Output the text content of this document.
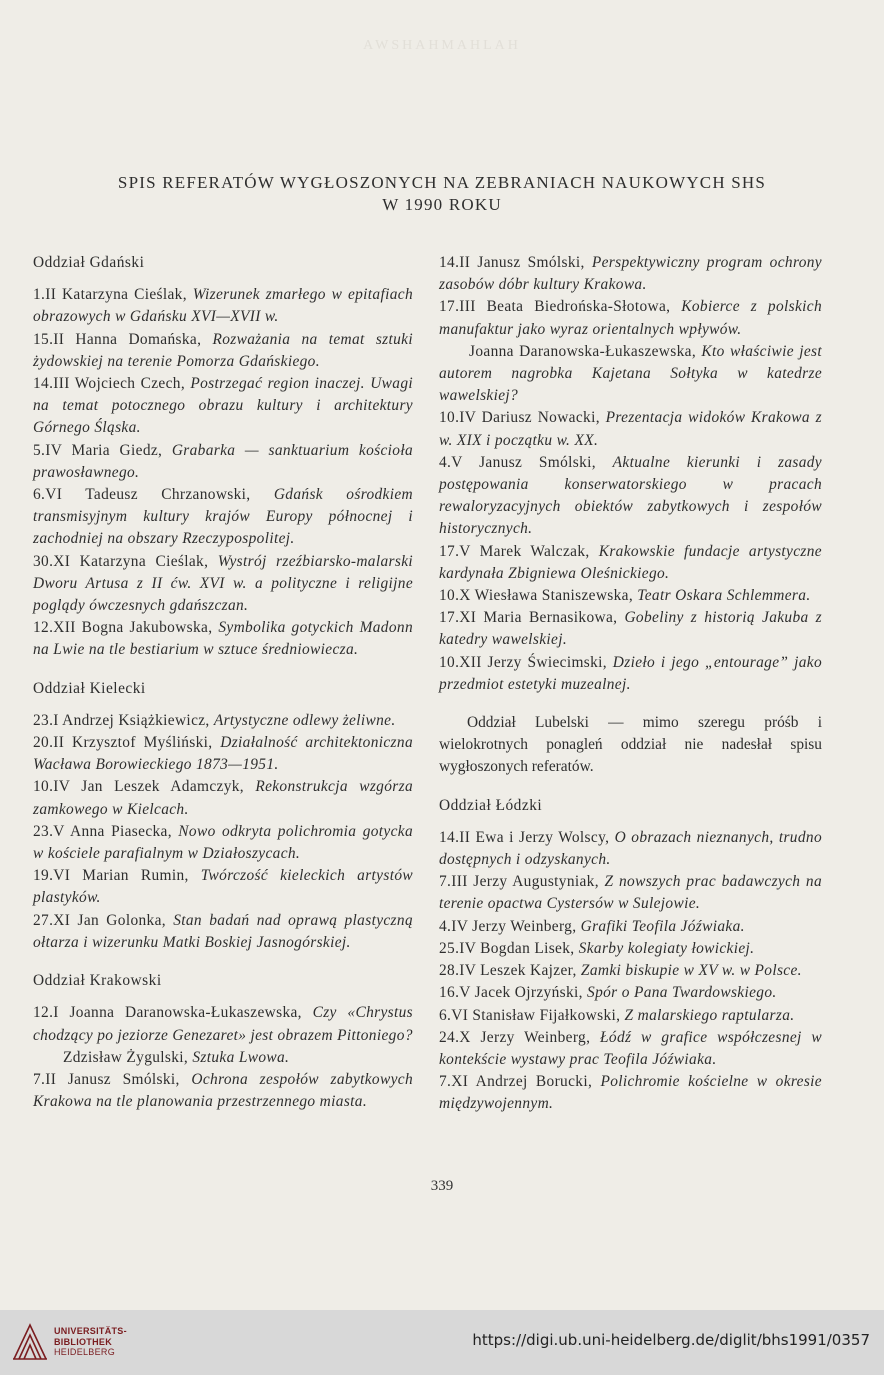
AWSHAHMAHLAH
SPIS REFERATÓW WYGŁOSZONYCH NA ZEBRANIACH NAUKOWYCH SHS
W 1990 ROKU
Oddział Gdański
1.II Katarzyna Cieślak, Wizerunek zmarłego w epitafiach obrazowych w Gdańsku XVI—XVII w.
15.II Hanna Domańska, Rozważania na temat sztuki żydowskiej na terenie Pomorza Gdańskiego.
14.III Wojciech Czech, Postrzegać region inaczej. Uwagi na temat potocznego obrazu kultury i architektury Górnego Śląska.
5.IV Maria Giedz, Grabarka — sanktuarium kościoła prawosławnego.
6.VI Tadeusz Chrzanowski, Gdańsk ośrodkiem transmisyjnym kultury krajów Europy północnej i zachodniej na obszary Rzeczypospolitej.
30.XI Katarzyna Cieślak, Wystrój rzeźbiarsko-malarski Dworu Artusa z II ćw. XVI w. a polityczne i religijne poglądy ówczesnych gdańszczan.
12.XII Bogna Jakubowska, Symbolika gotyckich Madonn na Lwie na tle bestiarium w sztuce średniowiecza.
Oddział Kielecki
23.I Andrzej Książkiewicz, Artystyczne odlewy żeliwne.
20.II Krzysztof Myśliński, Działalność architektoniczna Wacława Borowieckiego 1873—1951.
10.IV Jan Leszek Adamczyk, Rekonstrukcja wzgórza zamkowego w Kielcach.
23.V Anna Piasecka, Nowo odkryta polichromia gotycka w kościele parafialnym w Działoszycach.
19.VI Marian Rumin, Twórczość kieleckich artystów plastyków.
27.XI Jan Golonka, Stan badań nad oprawą plastyczną ołtarza i wizerunku Matki Boskiej Jasnogórskiej.
Oddział Krakowski
12.I Joanna Daranowska-Łukaszewska, Czy «Chrystus chodzący po jeziorze Genezaret» jest obrazem Pittoniego?
Zdzisław Żygulski, Sztuka Lwowa.
7.II Janusz Smólski, Ochrona zespołów zabytkowych Krakowa na tle planowania przestrzennego miasta.
14.II Janusz Smólski, Perspektywiczny program ochrony zasobów dóbr kultury Krakowa.
17.III Beata Biedrońska-Słotowa, Kobierce z polskich manufaktur jako wyraz orientalnych wpływów.
Joanna Daranowska-Łukaszewska, Kto właściwie jest autorem nagrobka Kajetana Sołtyka w katedrze wawelskiej?
10.IV Dariusz Nowacki, Prezentacja widoków Krakowa z w. XIX i początku w. XX.
4.V Janusz Smólski, Aktualne kierunki i zasady postępowania konserwatorskiego w pracach rewaloryzacyjnych obiektów zabytkowych i zespołów historycznych.
17.V Marek Walczak, Krakowskie fundacje artystyczne kardynała Zbigniewa Oleśnickiego.
10.X Wiesława Staniszewska, Teatr Oskara Schlemmera.
17.XI Maria Bernasikowa, Gobeliny z historią Jakuba z katedry wawelskiej.
10.XII Jerzy Świecimski, Dzieło i jego „entourage” jako przedmiot estetyki muzealnej.
Oddział Lubelski — mimo szeregu próśb i wielokrotnych ponagleń oddział nie nadesłał spisu wygłoszonych referatów.
Oddział Łódzki
14.II Ewa i Jerzy Wolscy, O obrazach nieznanych, trudno dostępnych i odzyskanych.
7.III Jerzy Augustyniak, Z nowszych prac badawczych na terenie opactwa Cystersów w Sulejowie.
4.IV Jerzy Weinberg, Grafiki Teofila Jóźwiaka.
25.IV Bogdan Lisek, Skarby kolegiaty łowickiej.
28.IV Leszek Kajzer, Zamki biskupie w XV w. w Polsce.
16.V Jacek Ojrzyński, Spór o Pana Twardowskiego.
6.VI Stanisław Fijałkowski, Z malarskiego raptularza.
24.X Jerzy Weinberg, Łódź w grafice współczesnej w kontekście wystawy prac Teofila Jóźwiaka.
7.XI Andrzej Borucki, Polichromie kościelne w okresie międzywojennym.
339
UNIVERSITÄTS-
BIBLIOTHEK
HEIDELBERG
https://digi.ub.uni-heidelberg.de/diglit/bhs1991/0357
